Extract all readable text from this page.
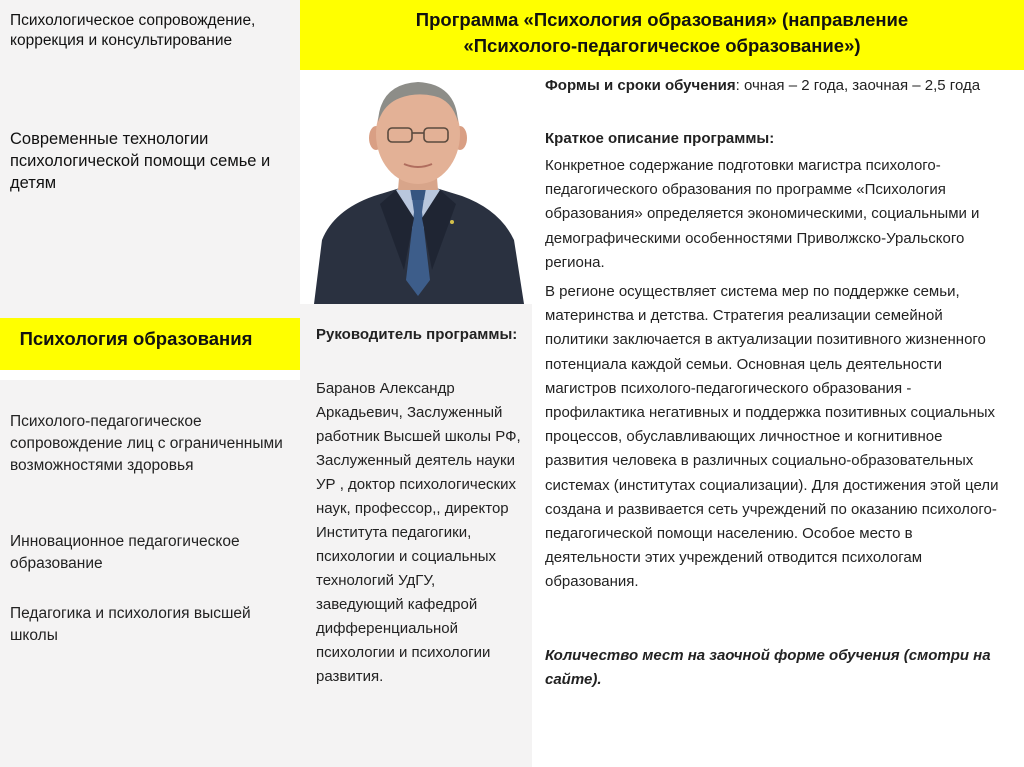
Программа «Психология образования» (направление
«Психолого-педагогическое образование»)
Психологическое сопровождение, коррекция и консультирование
Современные технологии психологической помощи семье и детям
Психология образования
Психолого-педагогическое сопровождение лиц с ограниченными возможностями здоровья
Инновационное педагогическое образование
Педагогика и психология высшей школы
Руководитель программы:
Баранов Александр Аркадьевич, Заслуженный работник Высшей школы РФ, Заслуженный деятель науки УР , доктор психологических наук, профессор,, директор Института педагогики, психологии и социальных технологий УдГУ, заведующий кафедрой дифференциальной психологии и психологии развития.
Формы и сроки обучения: очная – 2 года, заочная – 2,5 года
Краткое описание программы:
Конкретное содержание подготовки магистра психолого-педагогического образования по программе «Психология образования» определяется экономическими, социальными и демографическими особенностями Приволжско-Уральского региона.
В регионе осуществляет система мер по поддержке семьи, материнства и детства. Стратегия реализации семейной политики заключается в актуализации позитивного жизненного потенциала каждой семьи. Основная цель деятельности магистров психолого-педагогического образования - профилактика негативных и поддержка позитивных социальных процессов, обуславливающих личностное и когнитивное развития человека в различных социально-образовательных системах (институтах социализации). Для достижения этой цели создана и развивается сеть учреждений по оказанию психолого-педагогической помощи населению. Особое место в деятельности этих учреждений отводится психологам образования.
Количество мест на заочной форме обучения (смотри на сайте).
